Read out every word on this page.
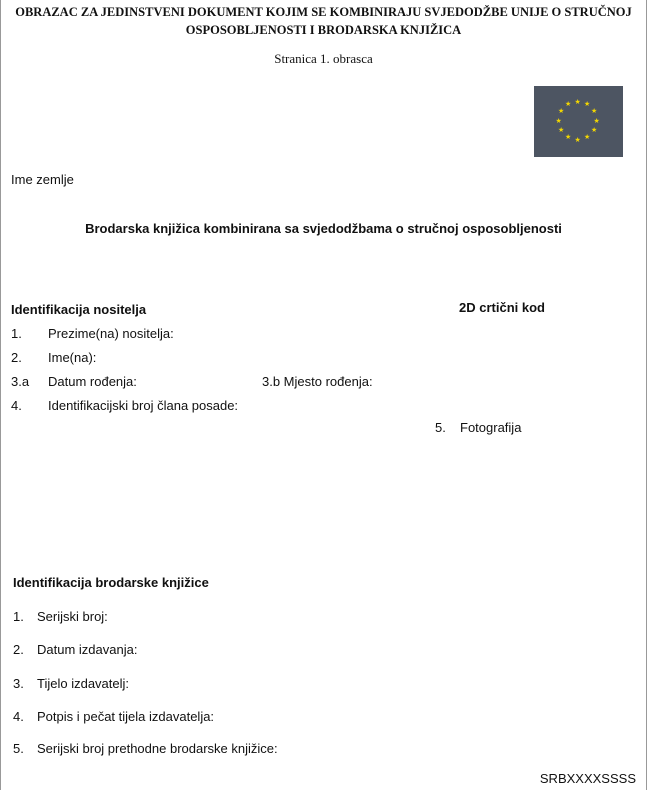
OBRAZAC ZA JEDINSTVENI DOKUMENT KOJIM SE KOMBINIRAJU SVJEDODŽBE UNIJE O STRUČNOJ
OSPOSOBLJENOSTI I BRODARSKA KNJIŽICA
Stranica 1. obrasca
★ ★
★
★
★
★
★
★
★
★
★
★
Ime zemlje
Brodarska knjižica kombinirana sa svjedodžbama o stručnoj osposobljenosti
Identifikacija nositelja	2D crtični kod
1. Prezime(na) nositelja:
2. Ime(na):
3.a Datum rođenja:	3.b Mjesto rođenja:
4. Identifikacijski broj člana posade:
5. Fotografija
Identifikacija brodarske knjižice
1. Serijski broj:
2. Datum izdavanja:
3. Tijelo izdavatelj:
4. Potpis i pečat tijela izdavatelja:
5. Serijski broj prethodne brodarske knjižice:
SRBXXXXSSSS
